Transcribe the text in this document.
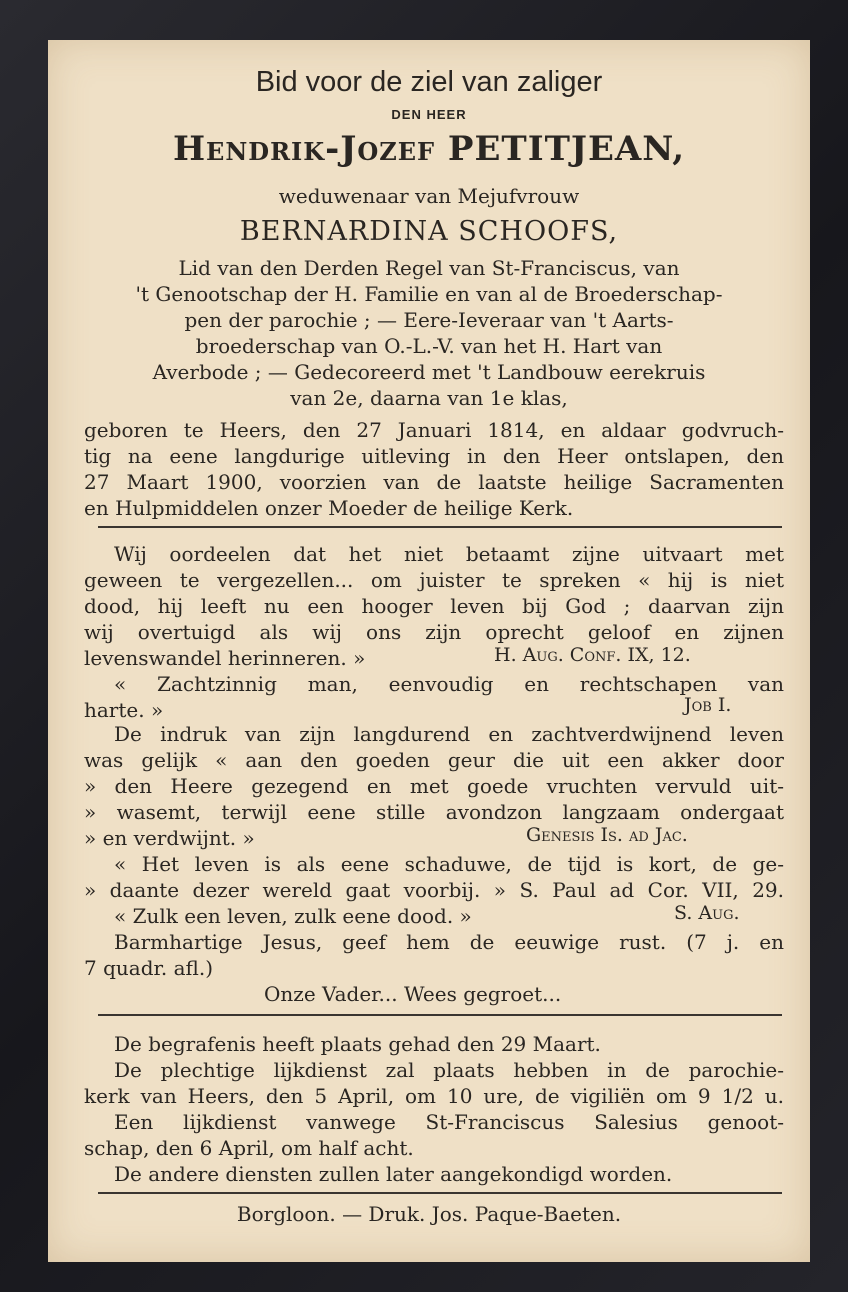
Bid voor de ziel van zaliger
DEN HEER
Hendrik-Jozef PETITJEAN,
weduwenaar van Mejufvrouw
BERNARDINA SCHOOFS,
Lid van den Derden Regel van St-Franciscus, van
't Genootschap der H. Familie en van al de Broederschap-
pen der parochie ; — Eere-Ieveraar van 't Aarts-
broederschap van O.-L.-V. van het H. Hart van
Averbode ; — Gedecoreerd met 't Landbouw eerekruis
van 2e, daarna van 1e klas,
geboren te Heers, den 27 Januari 1814, en aldaar godvruch-
tig na eene langdurige uitleving in den Heer ontslapen, den
27 Maart 1900, voorzien van de laatste heilige Sacramenten
en Hulpmiddelen onzer Moeder de heilige Kerk.
Wij oordeelen dat het niet betaamt zijne uitvaart met
geween te vergezellen... om juister te spreken « hij is niet
dood, hij leeft nu een hooger leven bij God ; daarvan zijn
wij overtuigd als wij ons zijn oprecht geloof en zijnen
levenswandel herinneren. »	H. Aug. Conf. IX, 12.
« Zachtzinnig man, eenvoudig en rechtschapen van
harte. »	Job I.
De indruk van zijn langdurend en zachtverdwijnend leven
was gelijk « aan den goeden geur die uit een akker door
» den Heere gezegend en met goede vruchten vervuld uit-
» wasemt, terwijl eene stille avondzon langzaam ondergaat
» en verdwijnt. »	Genesis Is. ad Jac.
« Het leven is als eene schaduwe, de tijd is kort, de ge-
» daante dezer wereld gaat voorbij. » S. Paul ad Cor. VII, 29.
« Zulk een leven, zulk eene dood. »	S. Aug.
Barmhartige Jesus, geef hem de eeuwige rust. (7 j. en
7 quadr. afl.)
Onze Vader... Wees gegroet...
De begrafenis heeft plaats gehad den 29 Maart.
De plechtige lijkdienst zal plaats hebben in de parochie-
kerk van Heers, den 5 April, om 10 ure, de vigiliën om 9 1/2 u.
Een lijkdienst vanwege St-Franciscus Salesius genoot-
schap, den 6 April, om half acht.
De andere diensten zullen later aangekondigd worden.
Borgloon. — Druk. Jos. Paque-Baeten.
